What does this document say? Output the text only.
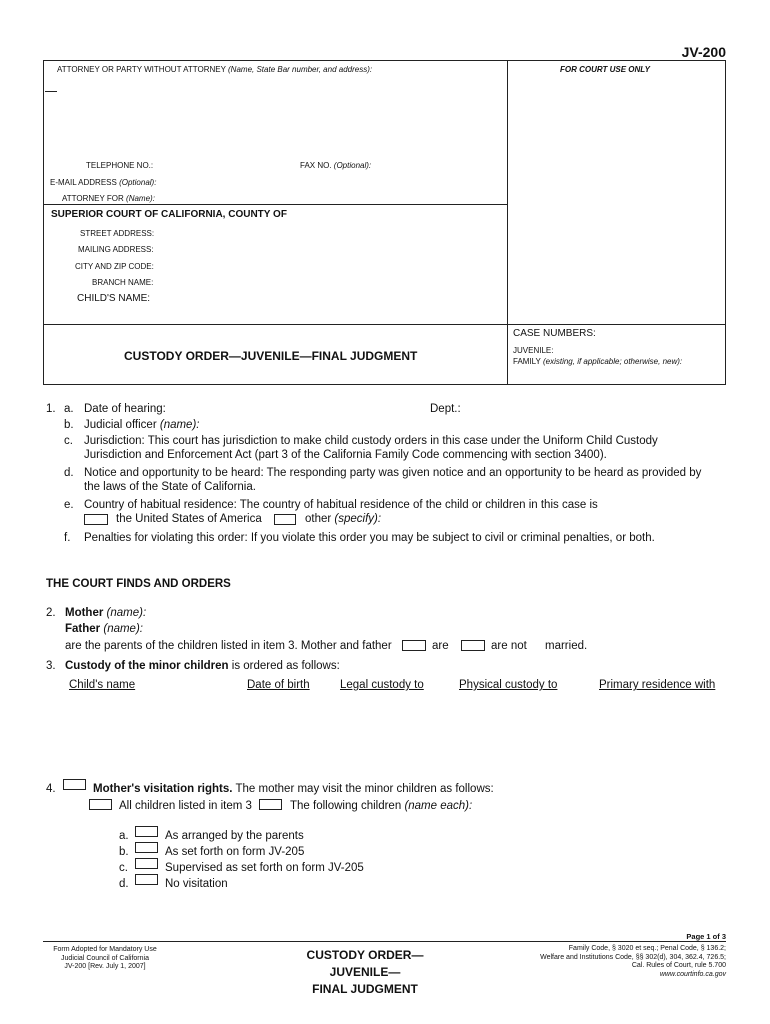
JV-200
ATTORNEY OR PARTY WITHOUT ATTORNEY (Name, State Bar number, and address):	FOR COURT USE ONLY
TELEPHONE NO.:	FAX NO. (Optional):
E-MAIL ADDRESS (Optional):
ATTORNEY FOR (Name):
SUPERIOR COURT OF CALIFORNIA, COUNTY OF
STREET ADDRESS:
MAILING ADDRESS:
CITY AND ZIP CODE:
BRANCH NAME:
CHILD'S NAME:
CUSTODY ORDER—JUVENILE—FINAL JUDGMENT
CASE NUMBERS:
JUVENILE:
FAMILY (existing, if applicable; otherwise, new):
1. a. Date of hearing:	Dept.:
b. Judicial officer (name):
c. Jurisdiction: This court has jurisdiction to make child custody orders in this case under the Uniform Child Custody
Jurisdiction and Enforcement Act (part 3 of the California Family Code commencing with section 3400).
d. Notice and opportunity to be heard: The responding party was given notice and an opportunity to be heard as provided by
the laws of the State of California.
e. Country of habitual residence: The country of habitual residence of the child or children in this case is
the United States of America	other (specify):
f. Penalties for violating this order: If you violate this order you may be subject to civil or criminal penalties, or both.
THE COURT FINDS AND ORDERS
2. Mother (name):
Father (name):
are the parents of the children listed in item 3. Mother and father	are	are not married.
3. Custody of the minor children is ordered as follows:
Child's name	Date of birth	Legal custody to	Physical custody to	Primary residence with
4.	Mother's visitation rights. The mother may visit the minor children as follows:
All children listed in item 3	The following children (name each):
a.	As arranged by the parents
b.	As set forth on form JV-205
c.	Supervised as set forth on form JV-205
d.	No visitation
Page 1 of 3
Form Adopted for Mandatory Use
Judicial Council of California
JV-200 [Rev. July 1, 2007]
CUSTODY ORDER—JUVENILE—
FINAL JUDGMENT
Family Code, § 3020 et seq.; Penal Code, § 136.2;
Welfare and Institutions Code, §§ 302(d), 304, 362.4, 726.5;
Cal. Rules of Court, rule 5.700
www.courtinfo.ca.gov
